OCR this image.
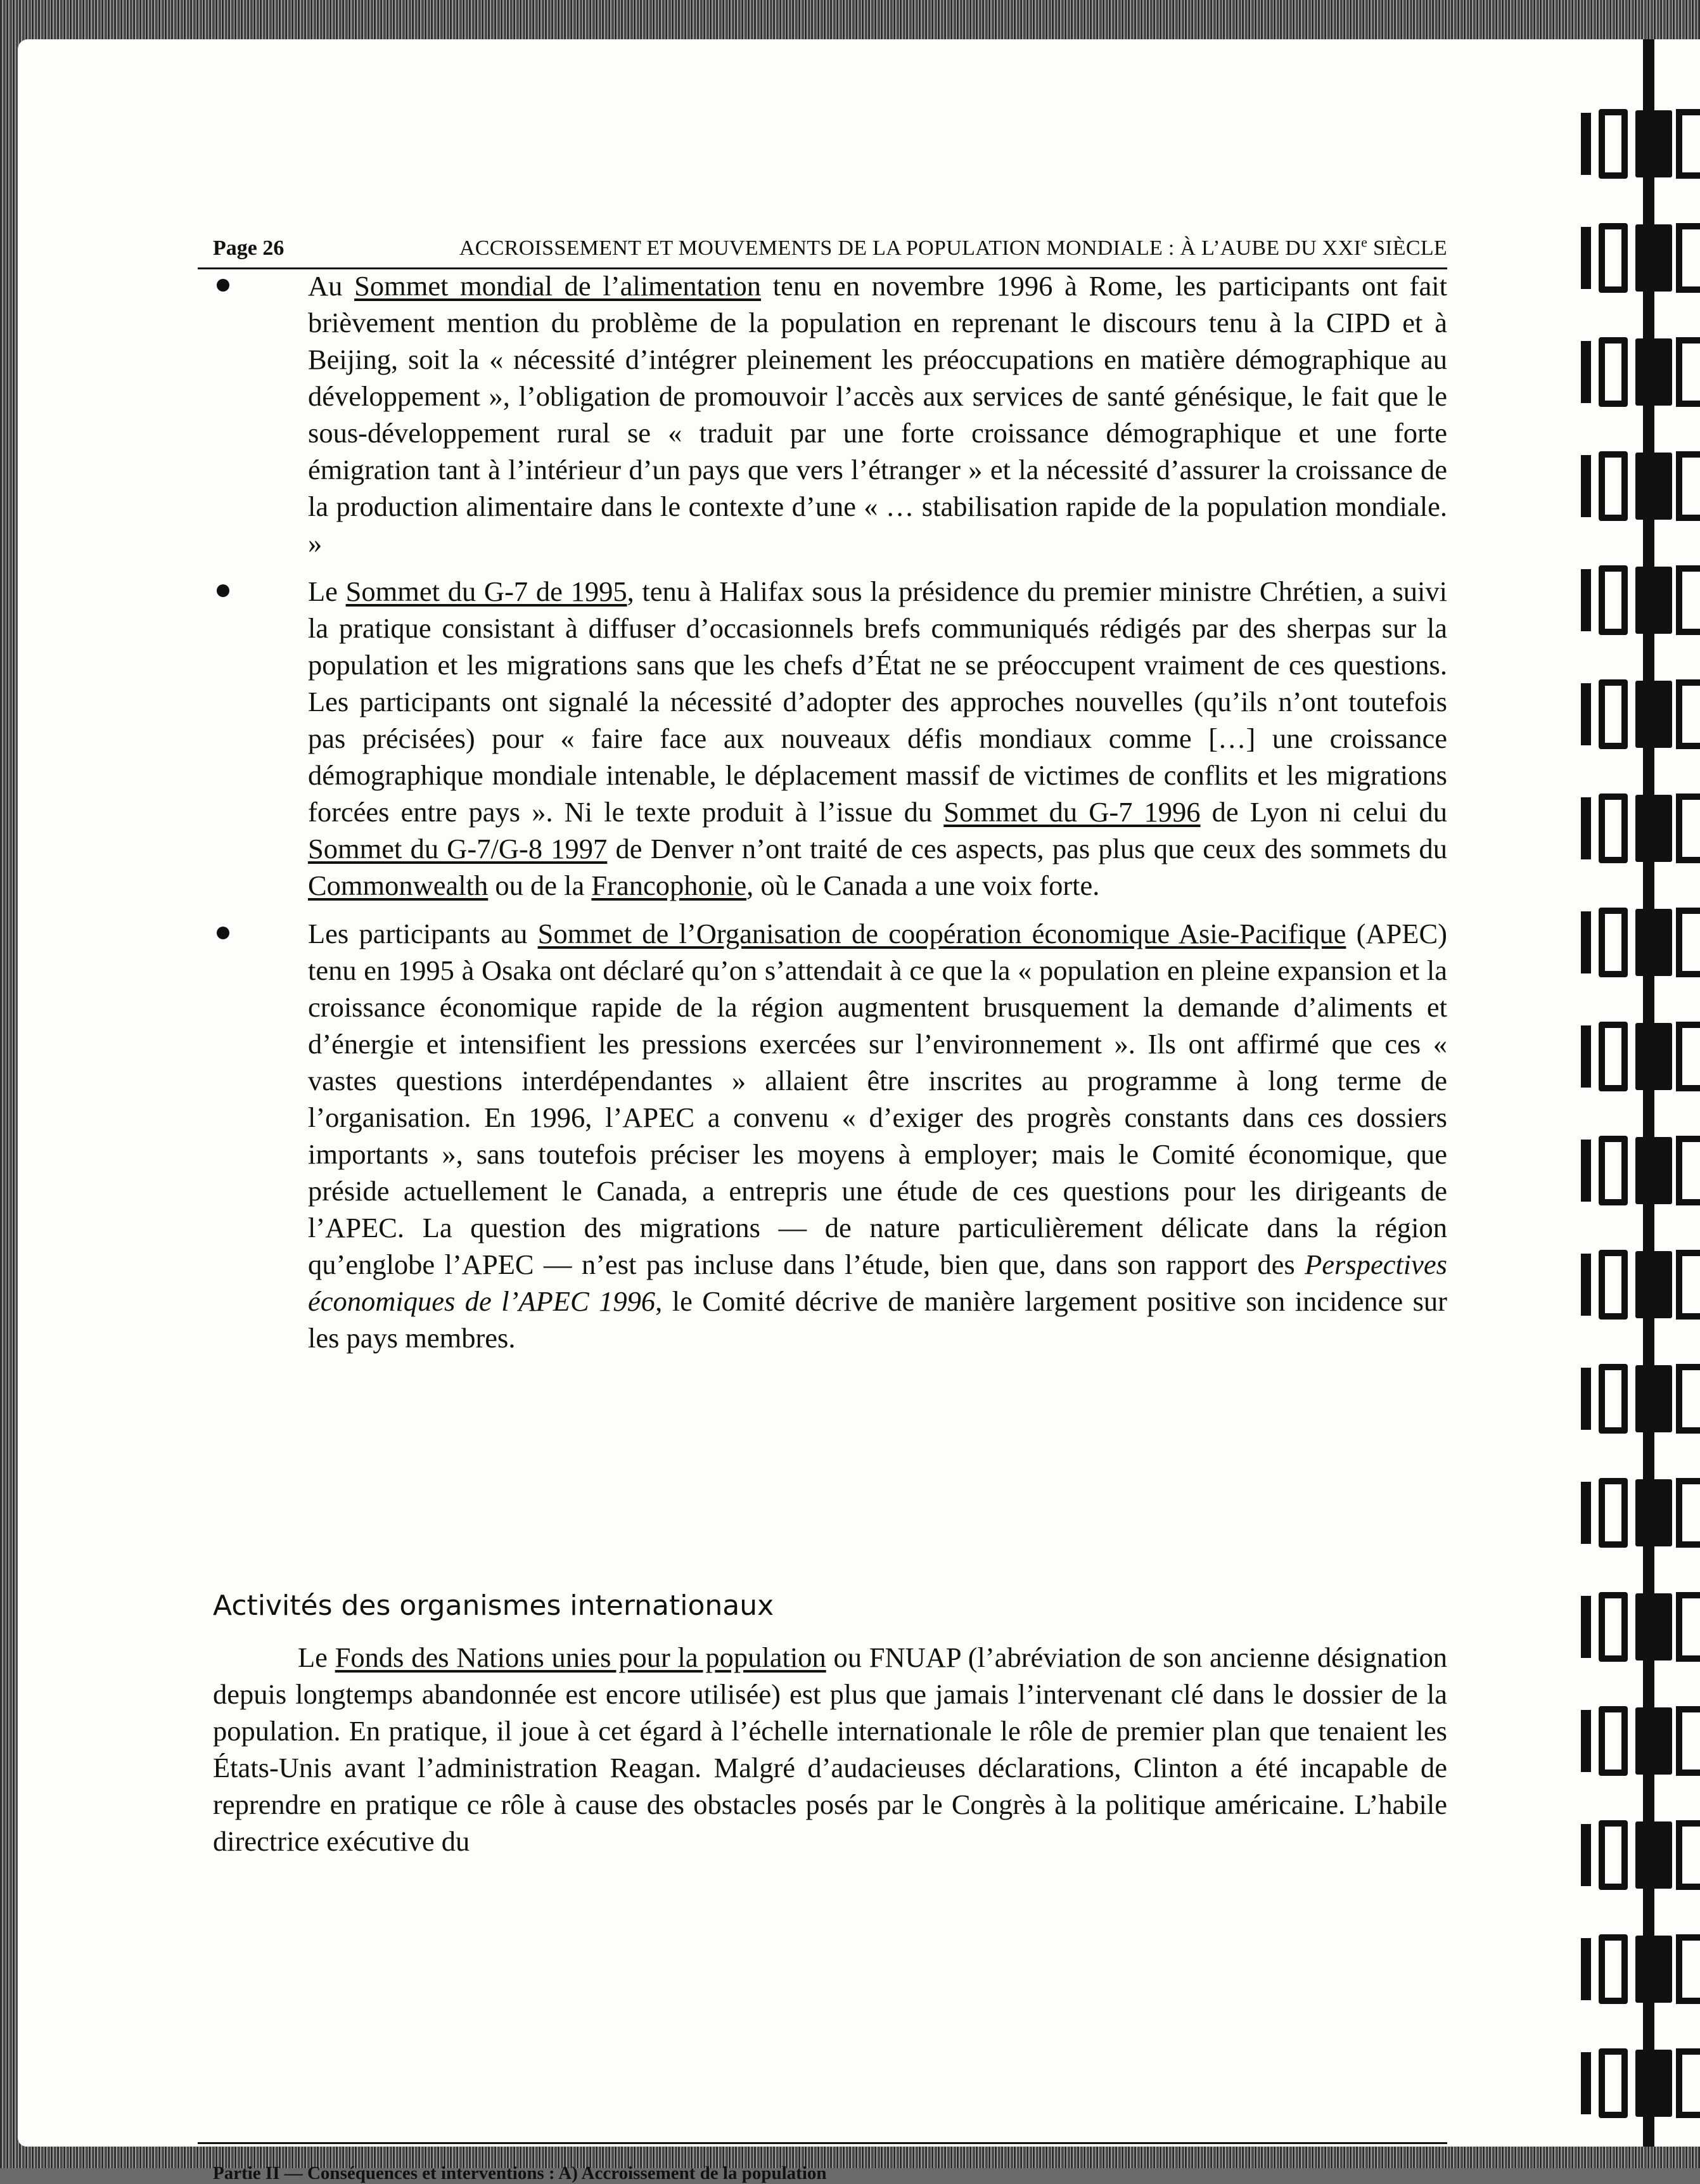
Page 26	ACCROISSEMENT ET MOUVEMENTS DE LA POPULATION MONDIALE : À L’AUBE DU XXIe SIÈCLE
Au Sommet mondial de l’alimentation tenu en novembre 1996 à Rome, les participants ont fait brièvement mention du problème de la population en reprenant le discours tenu à la CIPD et à Beijing, soit la « nécessité d’intégrer pleinement les préoccupations en matière démographique au développement », l’obligation de promouvoir l’accès aux services de santé génésique, le fait que le sous-développement rural se « traduit par une forte croissance démographique et une forte émigration tant à l’intérieur d’un pays que vers l’étranger » et la nécessité d’assurer la croissance de la production alimentaire dans le contexte d’une « … stabilisation rapide de la population mondiale. »
Le Sommet du G-7 de 1995, tenu à Halifax sous la présidence du premier ministre Chrétien, a suivi la pratique consistant à diffuser d’occasionnels brefs communiqués rédigés par des sherpas sur la population et les migrations sans que les chefs d’État ne se préoccupent vraiment de ces questions. Les participants ont signalé la nécessité d’adopter des approches nouvelles (qu’ils n’ont toutefois pas précisées) pour « faire face aux nouveaux défis mondiaux comme […] une croissance démographique mondiale intenable, le déplacement massif de victimes de conflits et les migrations forcées entre pays ». Ni le texte produit à l’issue du Sommet du G-7 1996 de Lyon ni celui du Sommet du G-7/G-8 1997 de Denver n’ont traité de ces aspects, pas plus que ceux des sommets du Commonwealth ou de la Francophonie, où le Canada a une voix forte.
Les participants au Sommet de l’Organisation de coopération économique Asie-Pacifique (APEC) tenu en 1995 à Osaka ont déclaré qu’on s’attendait à ce que la « population en pleine expansion et la croissance économique rapide de la région augmentent brusquement la demande d’aliments et d’énergie et intensifient les pressions exercées sur l’environnement ». Ils ont affirmé que ces « vastes questions interdépendantes » allaient être inscrites au programme à long terme de l’organisation. En 1996, l’APEC a convenu « d’exiger des progrès constants dans ces dossiers importants », sans toutefois préciser les moyens à employer; mais le Comité économique, que préside actuellement le Canada, a entrepris une étude de ces questions pour les dirigeants de l’APEC. La question des migrations — de nature particulièrement délicate dans la région qu’englobe l’APEC — n’est pas incluse dans l’étude, bien que, dans son rapport des Perspectives économiques de l’APEC 1996, le Comité décrive de manière largement positive son incidence sur les pays membres.
Activités des organismes internationaux

Le Fonds des Nations unies pour la population ou FNUAP (l’abréviation de son ancienne désignation depuis longtemps abandonnée est encore utilisée) est plus que jamais l’intervenant clé dans le dossier de la population. En pratique, il joue à cet égard à l’échelle internationale le rôle de premier plan que tenaient les États-Unis avant l’administration Reagan. Malgré d’audacieuses déclarations, Clinton a été incapable de reprendre en pratique ce rôle à cause des obstacles posés par le Congrès à la politique américaine. L’habile directrice exécutive du

Partie II — Conséquences et interventions : A) Accroissement de la population
